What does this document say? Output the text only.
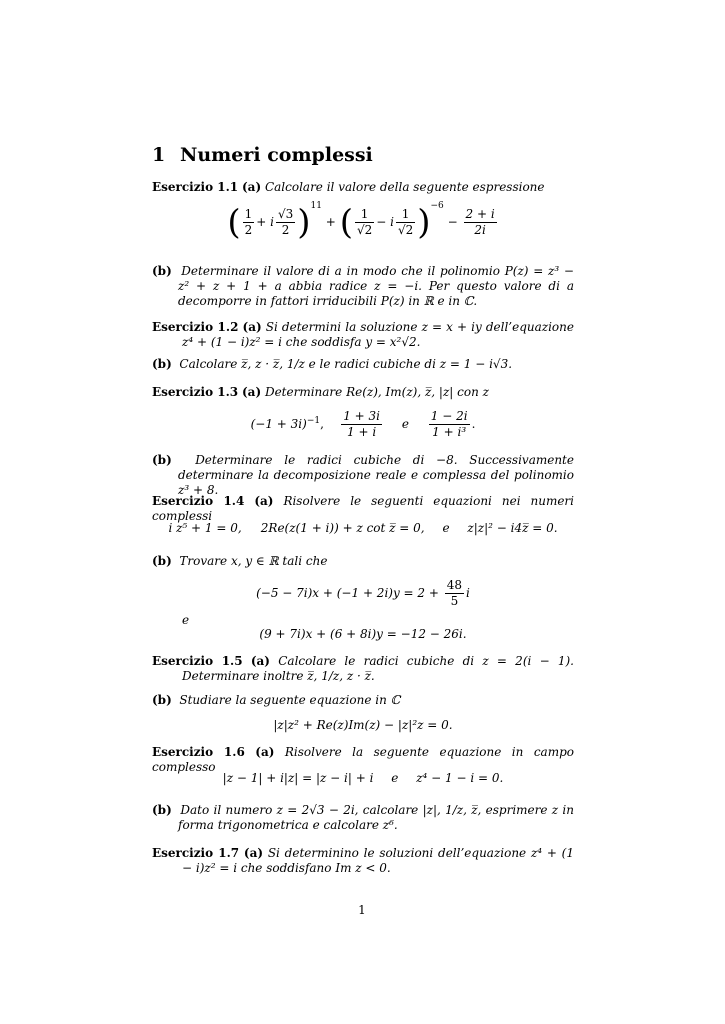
1 Numeri complessi
Esercizio 1.1 (a) Calcolare il valore della seguente espressione
( $\frac{1}{2} + i \frac{√3}{2} )^{11}$ + ( $\frac{1}{√2} - i \frac{1}{√2} )^{-6} - \frac{2 + i}{2i}$
(b) Determinare il valore di a in modo che il polinomio P(z) = z³ − z² + z + 1 + a abbia radice z = −i. Per questo valore di a decomporre in fattori irriducibili P(z) in ℝ e in ℂ.
Esercizio 1.2 (a) Si determini la soluzione z = x + iy dell’equazione z⁴ + (1 − i)z² = i che soddisfa y = x²√2.
(b) Calcolare z̅, z · z̅, 1/z e le radici cubiche di z = 1 − i√3.
Esercizio 1.3 (a) Determinare Re(z), Im(z), z̅, |z| con z
$(-1 + 3i)^{-1}$, $\frac{1 + 3i}{1 + i}$ e $\frac{1 - 2i}{\text{1 + i³}}$ .
(b) Determinare le radici cubiche di −8. Successivamente determinare la decomposizione reale e complessa del polinomio z³ + 8.
Esercizio 1.4 (a) Risolvere le seguenti equazioni nei numeri complessi
i z⁵ + 1 = 0, 2Re(z(1 + i)) + z cot z̅ = 0, e z|z|² − i4z̅ = 0.
(b) Trovare x, y ∈ ℝ tali che
$(-5 - 7i)x + (-1 + 2i)y = 2 + \frac{48}{5}$ i
e
(9 + 7i)x + (6 + 8i)y = −12 − 26i.
Esercizio 1.5 (a) Calcolare le radici cubiche di z = 2(i − 1). Determinare inoltre z̅, 1/z, z · z̅.
(b) Studiare la seguente equazione in ℂ
|z|z² + Re(z)Im(z) − |z|²z = 0.
Esercizio 1.6 (a) Risolvere la seguente equazione in campo complesso
|z − 1| + i|z| = |z − i| + i e z⁴ − 1 − i = 0.
(b) Dato il numero z = 2√3 − 2i, calcolare |z|, 1/z, z̅, esprimere z in forma trigonometrica e calcolare z⁶.
Esercizio 1.7 (a) Si determinino le soluzioni dell’equazione z⁴ + (1 − i)z² = i che soddisfano Im z < 0.
1
